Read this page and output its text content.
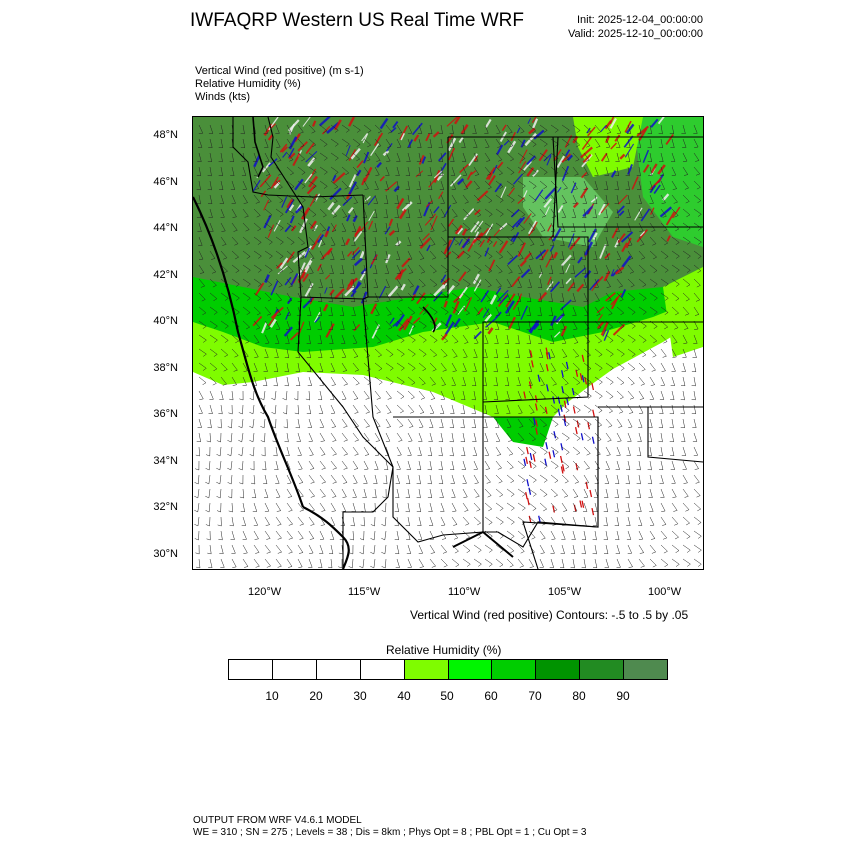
IWFAQRP Western US Real Time WRF	Init: 2025-12-04_00:00:00
Valid: 2025-12-10_00:00:00
Vertical Wind (red positive) (m s-1)
Relative Humidity (%)
Winds (kts)
48°N
46°N
44°N
42°N
40°N
38°N
36°N
34°N
32°N
30°N
120°W	115°W	110°W	105°W	100°W
Vertical Wind (red positive) Contours: -.5 to .5 by .05
Relative Humidity (%)
10	20	30	40	50	60	70	80	90
OUTPUT FROM WRF V4.6.1 MODEL
WE = 310 ; SN = 275 ; Levels = 38 ; Dis = 8km ; Phys Opt = 8 ; PBL Opt = 1 ; Cu Opt = 3
